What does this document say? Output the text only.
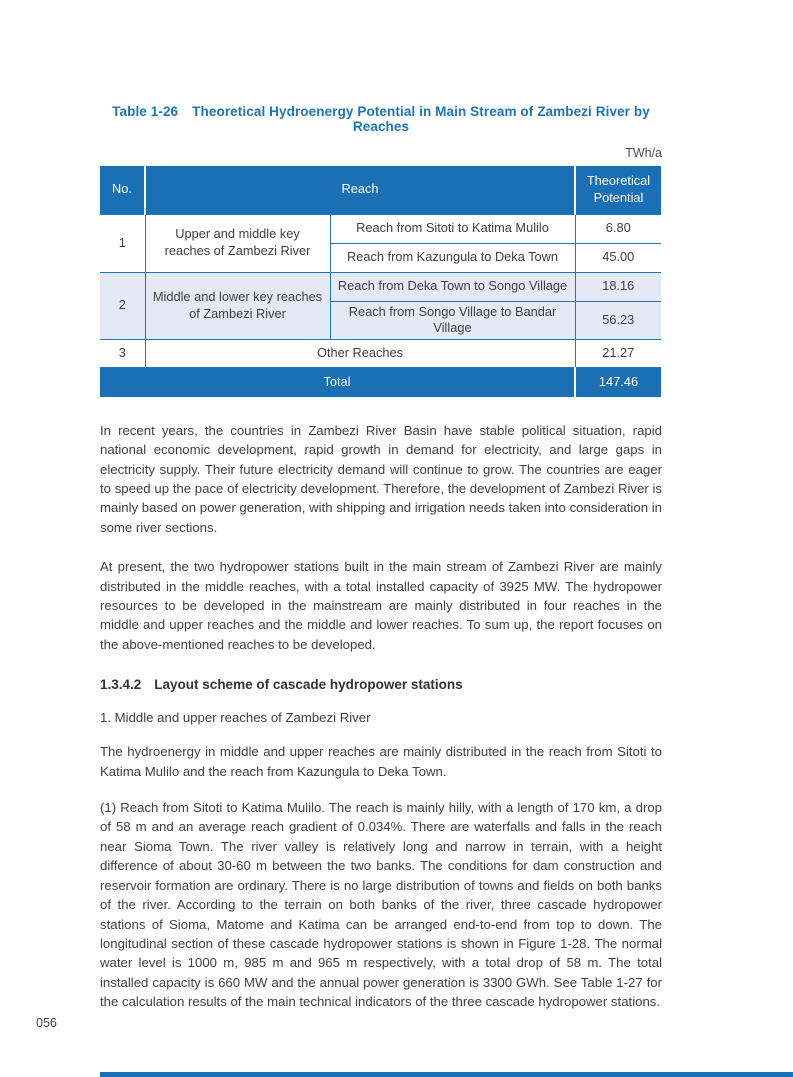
Table 1-26 Theoretical Hydroenergy Potential in Main Stream of Zambezi River by Reaches
TWh/a
No.	Reach		Theoretical Potential
1	Upper and middle key reaches of Zambezi River	Reach from Sitoti to Katima Mulilo	6.80
		Reach from Kazungula to Deka Town	45.00
2	Middle and lower key reaches of Zambezi River	Reach from Deka Town to Songo Village	18.16
		Reach from Songo Village to Bandar Village	56.23
3	Other Reaches		21.27
Total			147.46

In recent years, the countries in Zambezi River Basin have stable political situation, rapid national economic development, rapid growth in demand for electricity, and large gaps in electricity supply. Their future electricity demand will continue to grow. The countries are eager to speed up the pace of electricity development. Therefore, the development of Zambezi River is mainly based on power generation, with shipping and irrigation needs taken into consideration in some river sections.

At present, the two hydropower stations built in the main stream of Zambezi River are mainly distributed in the middle reaches, with a total installed capacity of 3925 MW. The hydropower resources to be developed in the mainstream are mainly distributed in four reaches in the middle and upper reaches and the middle and lower reaches. To sum up, the report focuses on the above-mentioned reaches to be developed.

1.3.4.2 Layout scheme of cascade hydropower stations
1. Middle and upper reaches of Zambezi River

The hydroenergy in middle and upper reaches are mainly distributed in the reach from Sitoti to Katima Mulilo and the reach from Kazungula to Deka Town.

(1) Reach from Sitoti to Katima Mulilo. The reach is mainly hilly, with a length of 170 km, a drop of 58 m and an average reach gradient of 0.034%. There are waterfalls and falls in the reach near Sioma Town. The river valley is relatively long and narrow in terrain, with a height difference of about 30-60 m between the two banks. The conditions for dam construction and reservoir formation are ordinary. There is no large distribution of towns and fields on both banks of the river. According to the terrain on both banks of the river, three cascade hydropower stations of Sioma, Matome and Katima can be arranged end-to-end from top to down. The longitudinal section of these cascade hydropower stations is shown in Figure 1-28. The normal water level is 1000 m, 985 m and 965 m respectively, with a total drop of 58 m. The total installed capacity is 660 MW and the annual power generation is 3300 GWh. See Table 1-27 for the calculation results of the main technical indicators of the three cascade hydropower stations.

056
